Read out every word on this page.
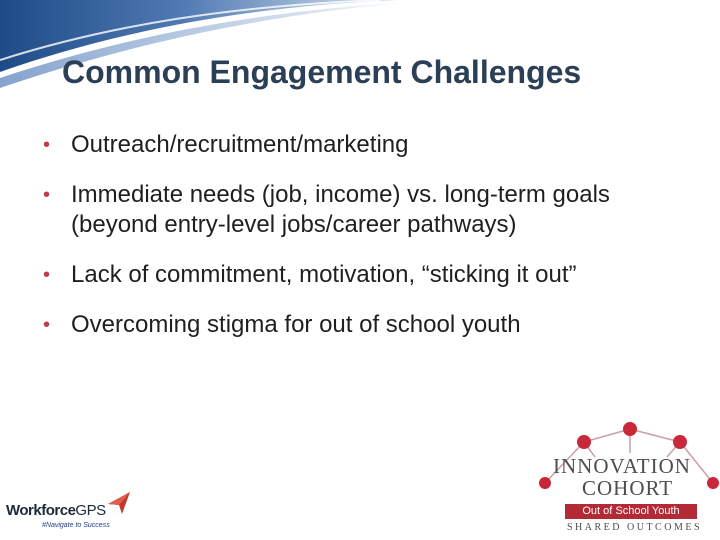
Common Engagement Challenges
• Outreach/recruitment/marketing
• Immediate needs (job, income) vs. long-term goals (beyond entry-level jobs/career pathways)
• Lack of commitment, motivation, “sticking it out”
• Overcoming stigma for out of school youth
WorkforceGPS
#Navigate to Success
INNOVATION
COHORT
Out of School Youth
SHARED OUTCOMES
